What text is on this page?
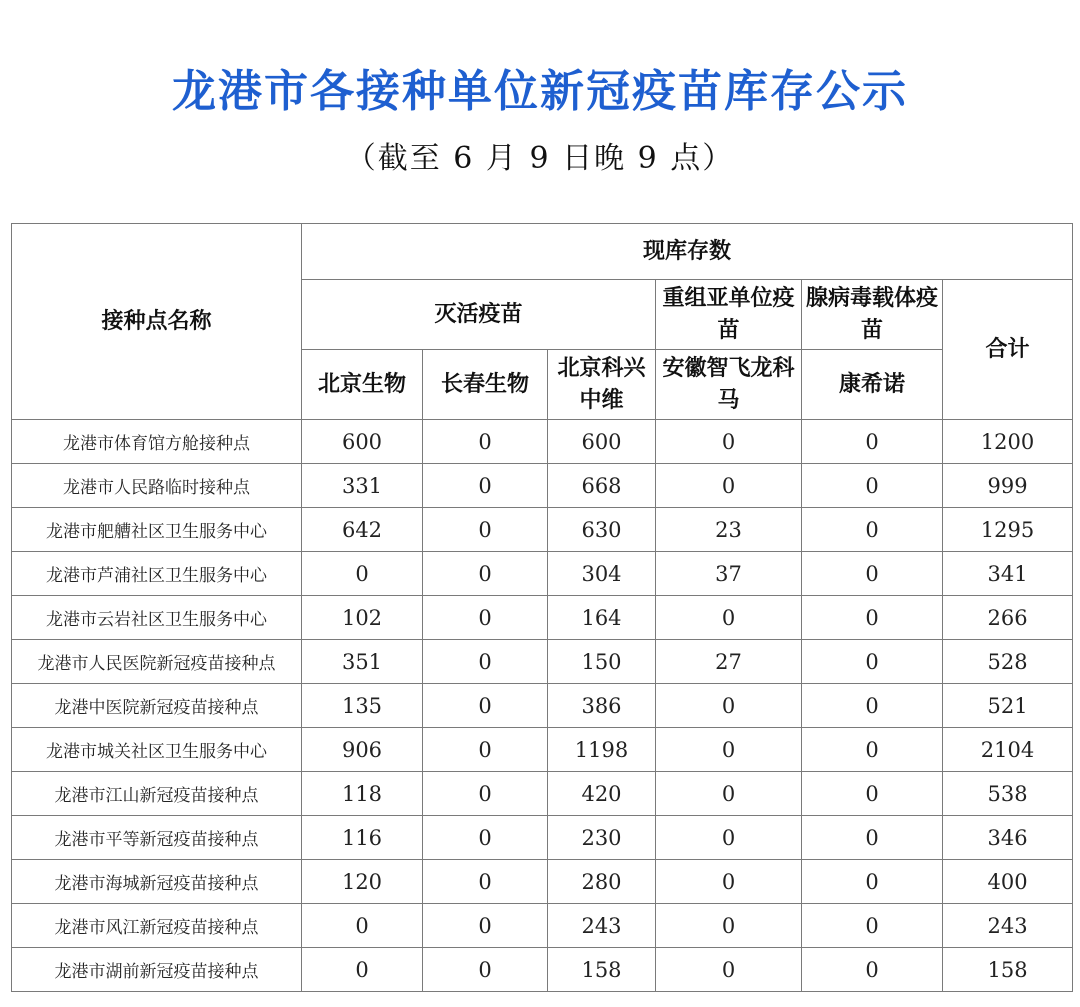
龙港市各接种单位新冠疫苗库存公示
（截至 6 月 9 日晚 9 点）
接种点名称	现库存数					
	灭活疫苗			重组亚单位疫苗	腺病毒载体疫苗	合计
	北京生物	长春生物	北京科兴中维	安徽智飞龙科马	康希诺	
龙港市体育馆方舱接种点	600	0	600	0	0	1200
龙港市人民路临时接种点	331	0	668	0	0	999
龙港市舥艚社区卫生服务中心	642	0	630	23	0	1295
龙港市芦浦社区卫生服务中心	0	0	304	37	0	341
龙港市云岩社区卫生服务中心	102	0	164	0	0	266
龙港市人民医院新冠疫苗接种点	351	0	150	27	0	528
龙港中医院新冠疫苗接种点	135	0	386	0	0	521
龙港市城关社区卫生服务中心	906	0	1198	0	0	2104
龙港市江山新冠疫苗接种点	118	0	420	0	0	538
龙港市平等新冠疫苗接种点	116	0	230	0	0	346
龙港市海城新冠疫苗接种点	120	0	280	0	0	400
龙港市风江新冠疫苗接种点	0	0	243	0	0	243
龙港市湖前新冠疫苗接种点	0	0	158	0	0	158
